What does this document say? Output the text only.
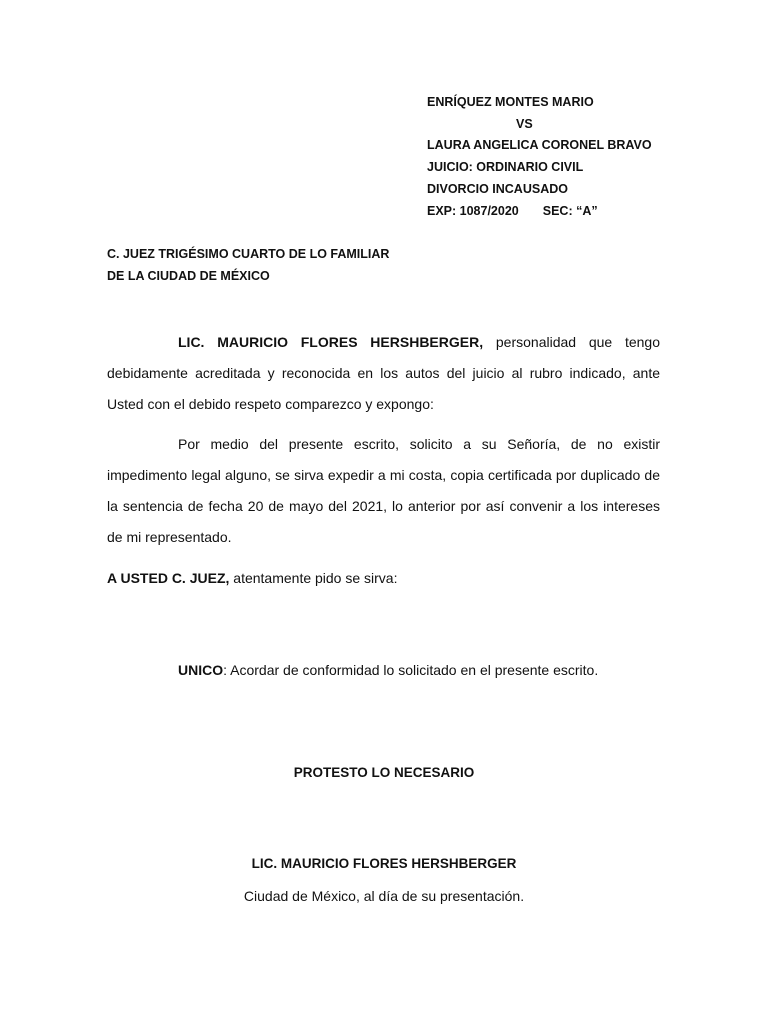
ENRÍQUEZ MONTES MARIO
VS
LAURA ANGELICA CORONEL BRAVO
JUICIO: ORDINARIO CIVIL
DIVORCIO INCAUSADO
EXP: 1087/2020 SEC: “A”
C. JUEZ TRIGÉSIMO CUARTO DE LO FAMILIAR
DE LA CIUDAD DE MÉXICO
LIC. MAURICIO FLORES HERSHBERGER, personalidad que tengo debidamente acreditada y reconocida en los autos del juicio al rubro indicado, ante Usted con el debido respeto comparezco y expongo:
Por medio del presente escrito, solicito a su Señoría, de no existir impedimento legal alguno, se sirva expedir a mi costa, copia certificada por duplicado de la sentencia de fecha 20 de mayo del 2021, lo anterior por así convenir a los intereses de mi representado.
A USTED C. JUEZ, atentamente pido se sirva:
UNICO: Acordar de conformidad lo solicitado en el presente escrito.
PROTESTO LO NECESARIO
LIC. MAURICIO FLORES HERSHBERGER
Ciudad de México, al día de su presentación.
